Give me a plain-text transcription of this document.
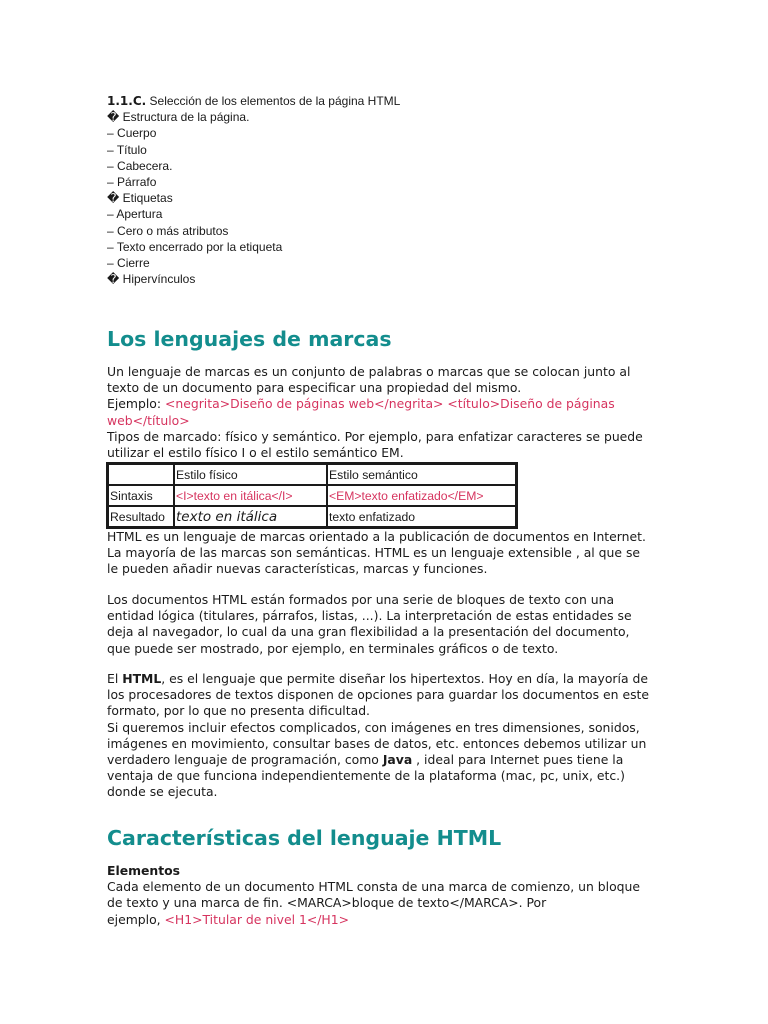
1.1.C. Selección de los elementos de la página HTML
� Estructura de la página.
– Cuerpo
– Título
– Cabecera.
– Párrafo
� Etiquetas
– Apertura
– Cero o más atributos
– Texto encerrado por la etiqueta
– Cierre
� Hipervínculos
Los lenguajes de marcas
Un lenguaje de marcas es un conjunto de palabras o marcas que se colocan junto al
texto de un documento para especificar una propiedad del mismo.
Ejemplo: <negrita>Diseño de páginas web</negrita> <título>Diseño de páginas
web</título>
Tipos de marcado: físico y semántico. Por ejemplo, para enfatizar caracteres se puede
utilizar el estilo físico I o el estilo semántico EM.
	Estilo físico	Estilo semántico
Sintaxis	<I>texto en itálica</I>	<EM>texto enfatizado</EM>
Resultado	texto en itálica	texto enfatizado
HTML es un lenguaje de marcas orientado a la publicación de documentos en Internet.
La mayoría de las marcas son semánticas. HTML es un lenguaje extensible , al que se
le pueden añadir nuevas características, marcas y funciones.
Los documentos HTML están formados por una serie de bloques de texto con una
entidad lógica (titulares, párrafos, listas, ...). La interpretación de estas entidades se
deja al navegador, lo cual da una gran flexibilidad a la presentación del documento,
que puede ser mostrado, por ejemplo, en terminales gráficos o de texto.
El HTML, es el lenguaje que permite diseñar los hipertextos. Hoy en día, la mayoría de
los procesadores de textos disponen de opciones para guardar los documentos en este
formato, por lo que no presenta dificultad.
Si queremos incluir efectos complicados, con imágenes en tres dimensiones, sonidos,
imágenes en movimiento, consultar bases de datos, etc. entonces debemos utilizar un
verdadero lenguaje de programación, como Java , ideal para Internet pues tiene la
ventaja de que funciona independientemente de la plataforma (mac, pc, unix, etc.)
donde se ejecuta.
Características del lenguaje HTML
Elementos
Cada elemento de un documento HTML consta de una marca de comienzo, un bloque
de texto y una marca de fin. <MARCA>bloque de texto</MARCA>. Por
ejemplo, <H1>Titular de nivel 1</H1>
